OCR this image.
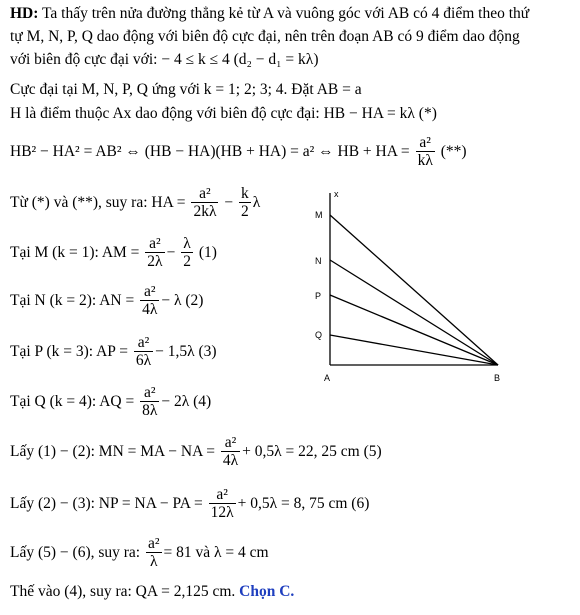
HD: Ta thấy trên nửa đường thẳng kẻ từ A và vuông góc với AB có 4 điểm theo thứ
tự M, N, P, Q dao động với biên độ cực đại, nên trên đoạn AB có 9 điểm dao động
với biên độ cực đại với: − 4 ≤ k ≤ 4 (d₂ − d₁ = kλ)
Cực đại tại M, N, P, Q ứng với k = 1; 2; 3; 4. Đặt AB = a
H là điểm thuộc Ax dao động với biên độ cực đại: HB − HA = kλ (*)
HB² − HA² = AB² ⇔ (HB − HA)(HB + HA) = a² ⇔ HB + HA = $\frac{\text{a²}}{k\lambda}$ (**)
Từ (*) và (**), suy ra: HA = $\frac{\text{a²}}{2k\lambda} - \frac{k}{2}$ λ
Tại M (k = 1): AM = $\frac{\text{a²}}{2\lambda} - \frac{\lambda}{2} (1)$
Tại N (k = 2): AN = $\frac{\text{a²}}{4\lambda} - \lambda$ (2)
Tại P (k = 3): AP = $\frac{\text{a²}}{6\lambda} - 1,5\lambda$ (3)
Tại Q (k = 4): AQ = $\frac{\text{a²}}{8\lambda} - 2\lambda$ (4)
Lấy (1) − (2): MN = MA − NA = $\frac{\text{a²}}{4\lambda} + 0,5\lambda = 22$, 25 cm (5)
Lấy (2) − (3): NP = NA − PA = $\frac{\text{a²}}{12\lambda} + 0,5\lambda = 8$, 75 cm (6)
Lấy (5) − (6), suy ra: $\frac{\text{a²}}{\lambda} = 81$ và λ = 4 cm
Thế vào (4), suy ra: QA = 2,125 cm. Chọn C.
x
M
N
P
Q
A	B
